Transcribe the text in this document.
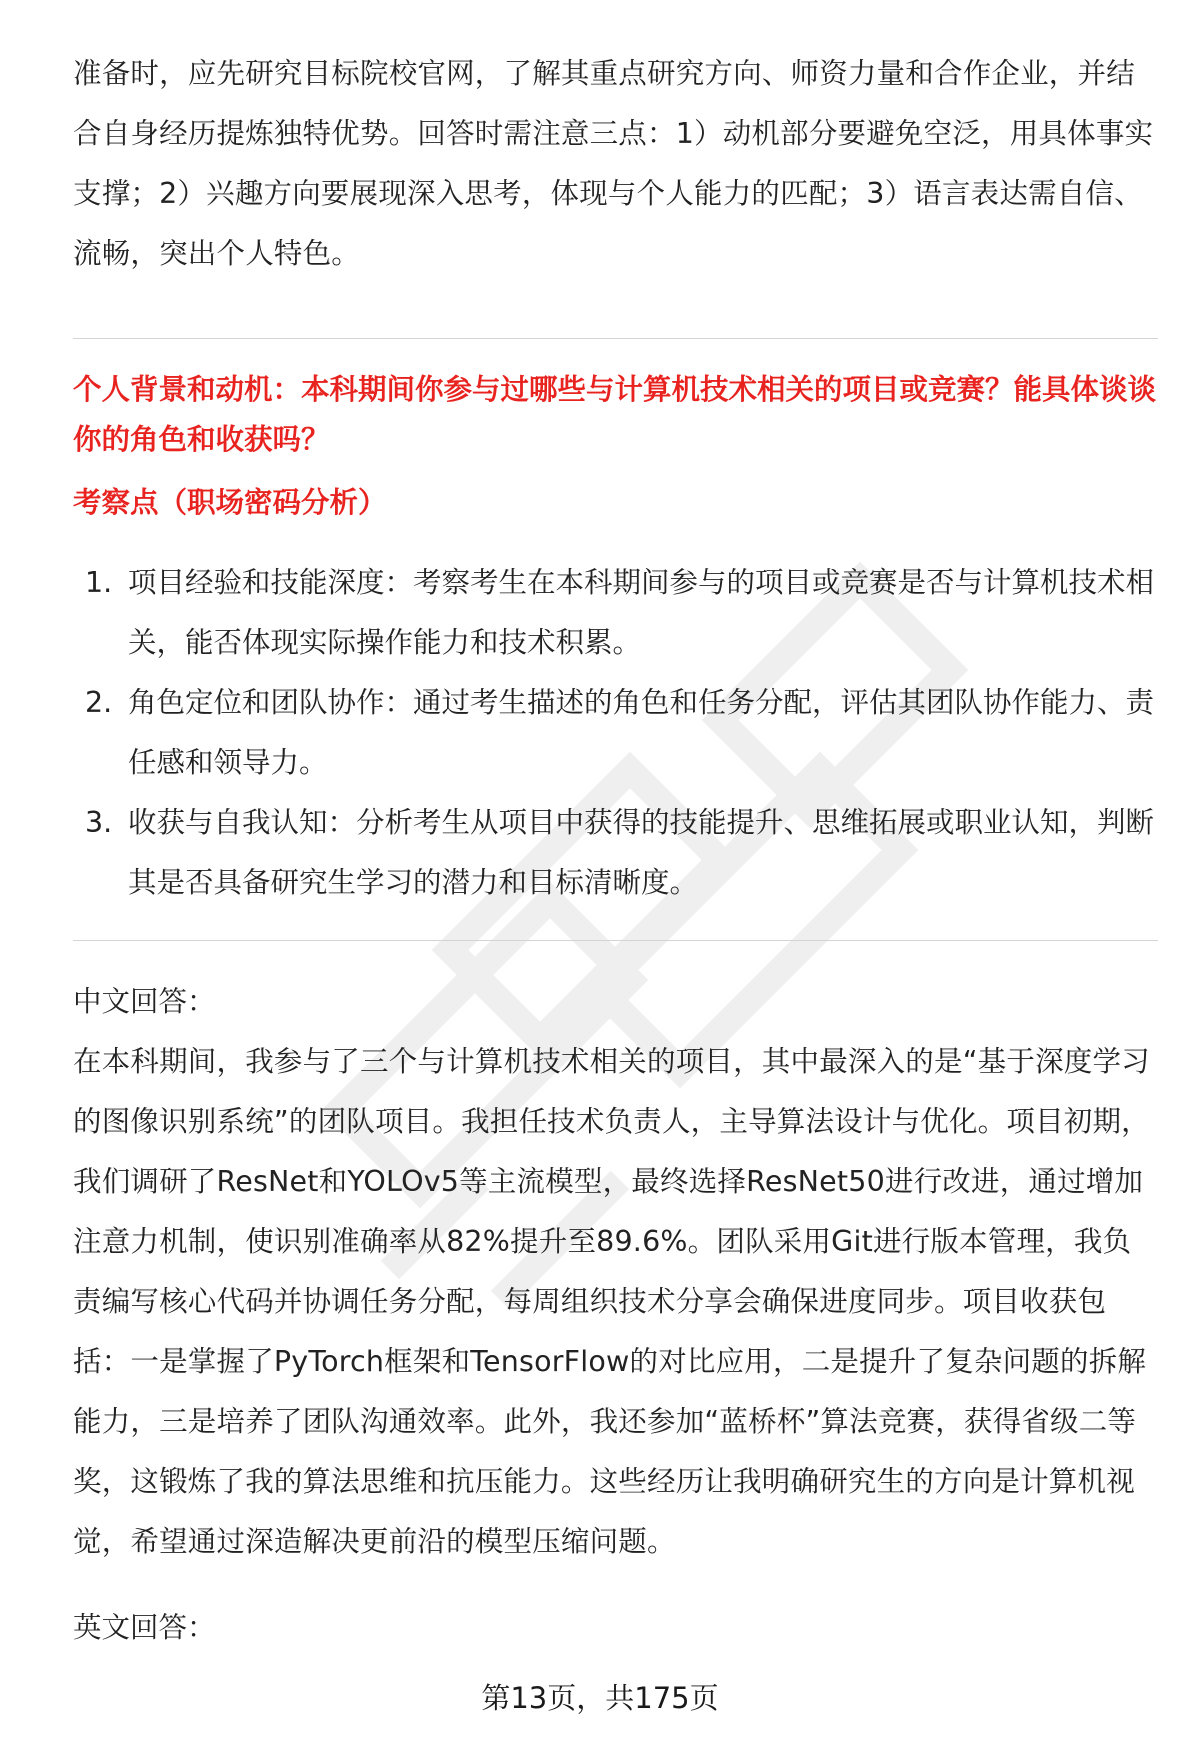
准备时，应先研究目标院校官网，了解其重点研究方向、师资力量和合作企业，并结合自身经历提炼独特优势。回答时需注意三点：1）动机部分要避免空泛，用具体事实支撑；2）兴趣方向要展现深入思考，体现与个人能力的匹配；3）语言表达需自信、流畅，突出个人特色。

个人背景和动机：本科期间你参与过哪些与计算机技术相关的项目或竞赛？能具体谈谈你的角色和收获吗？

考察点（职场密码分析）

1. 项目经验和技能深度：考察考生在本科期间参与的项目或竞赛是否与计算机技术相关，能否体现实际操作能力和技术积累。
2. 角色定位和团队协作：通过考生描述的角色和任务分配，评估其团队协作能力、责任感和领导力。
3. 收获与自我认知：分析考生从项目中获得的技能提升、思维拓展或职业认知，判断其是否具备研究生学习的潜力和目标清晰度。

中文回答：

在本科期间，我参与了三个与计算机技术相关的项目，其中最深入的是“基于深度学习的图像识别系统”的团队项目。我担任技术负责人，主导算法设计与优化。项目初期，我们调研了ResNet和YOLOv5等主流模型，最终选择ResNet50进行改进，通过增加注意力机制，使识别准确率从82%提升至89.6%。团队采用Git进行版本管理，我负责编写核心代码并协调任务分配，每周组织技术分享会确保进度同步。项目收获包括：一是掌握了PyTorch框架和TensorFlow的对比应用，二是提升了复杂问题的拆解能力，三是培养了团队沟通效率。此外，我还参加“蓝桥杯”算法竞赛，获得省级二等奖，这锻炼了我的算法思维和抗压能力。这些经历让我明确研究生的方向是计算机视觉，希望通过深造解决更前沿的模型压缩问题。

英文回答：

第13页，共175页
